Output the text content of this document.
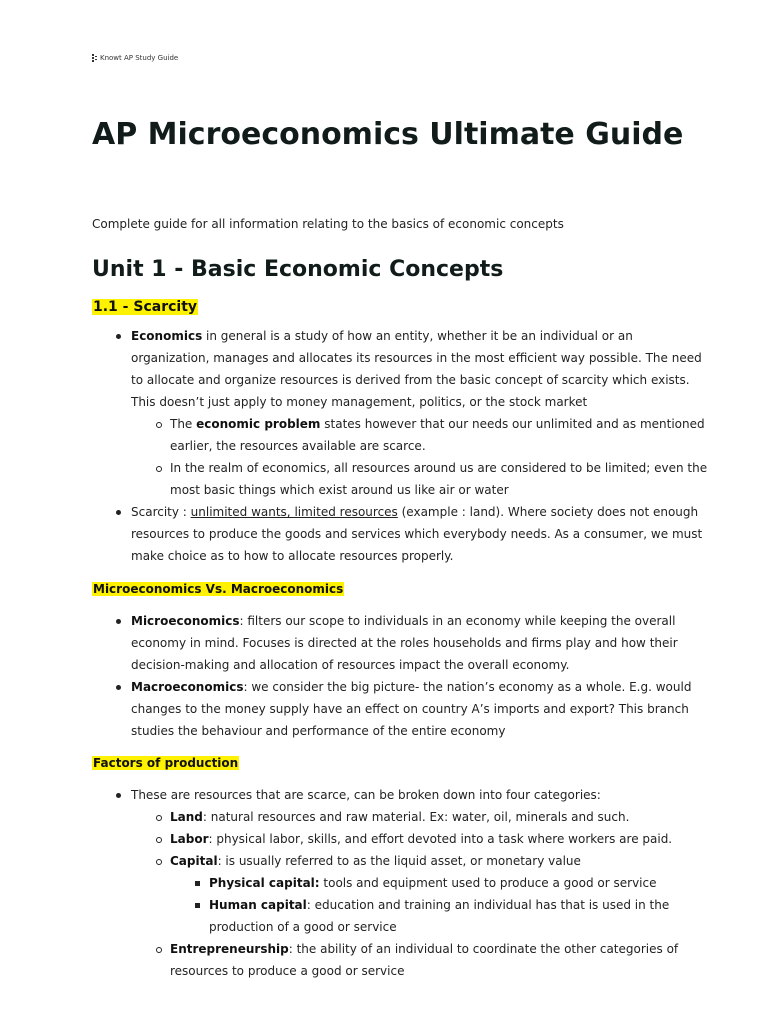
Knowt AP Study Guide
AP Microeconomics Ultimate Guide

Complete guide for all information relating to the basics of economic concepts

Unit 1 - Basic Economic Concepts
1.1 - Scarcity
Economics in general is a study of how an entity, whether it be an individual or an
organization, manages and allocates its resources in the most efficient way possible. The need
to allocate and organize resources is derived from the basic concept of scarcity which exists.
This doesn’t just apply to money management, politics, or the stock market
The economic problem states however that our needs our unlimited and as mentioned
earlier, the resources available are scarce.
In the realm of economics, all resources around us are considered to be limited; even the
most basic things which exist around us like air or water
Scarcity : unlimited wants, limited resources (example : land). Where society does not enough
resources to produce the goods and services which everybody needs. As a consumer, we must
make choice as to how to allocate resources properly.
Microeconomics Vs. Macroeconomics
Microeconomics: filters our scope to individuals in an economy while keeping the overall
economy in mind. Focuses is directed at the roles households and firms play and how their
decision-making and allocation of resources impact the overall economy.
Macroeconomics: we consider the big picture- the nation’s economy as a whole. E.g. would
changes to the money supply have an effect on country A’s imports and export? This branch
studies the behaviour and performance of the entire economy
Factors of production
These are resources that are scarce, can be broken down into four categories:
Land: natural resources and raw material. Ex: water, oil, minerals and such.
Labor: physical labor, skills, and effort devoted into a task where workers are paid.
Capital: is usually referred to as the liquid asset, or monetary value
Physical capital: tools and equipment used to produce a good or service
Human capital: education and training an individual has that is used in the
production of a good or service
Entrepreneurship: the ability of an individual to coordinate the other categories of
resources to produce a good or service
